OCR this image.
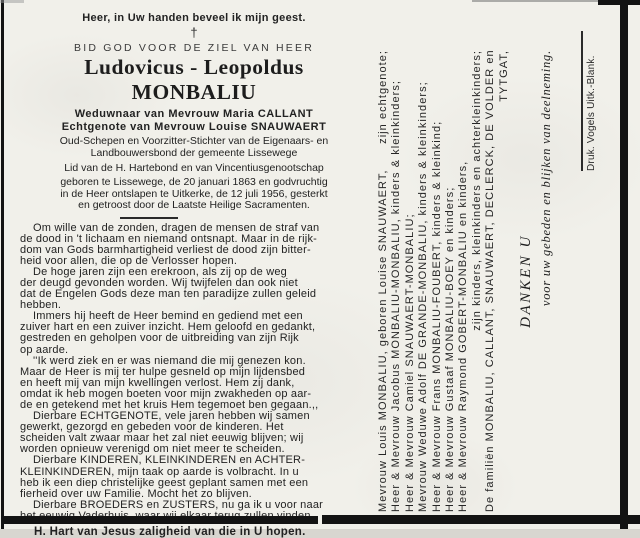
Heer, in Uw handen beveel ik mijn geest.
†
BID GOD VOOR DE ZIEL VAN HEER
Ludovicus - Leopoldus MONBALIU
Weduwnaar van Mevrouw Maria CALLANT
Echtgenote van Mevrouw Louise SNAUWAERT
Oud-Schepen en Voorzitter-Stichter van de Eigenaars- en
Landbouwersbond der gemeente Lissewege
Lid van de H. Hartebond en van Vincentiusgenootschap
geboren te Lissewege, de 20 januari 1863 en godvruchtig
in de Heer ontslapen te Uitkerke, de 12 juli 1956, gesterkt
en getroost door de Laatste Heilige Sacramenten.

Om wille van de zonden, dragen de mensen de straf van
de dood in 't lichaam en niemand ontsnapt. Maar in de rijk-
dom van Gods barmhartigheid verliest de dood zijn bitter-
heid voor allen, die op de Verlosser hopen.

De hoge jaren zijn een erekroon, als zij op de weg
der deugd gevonden worden. Wij twijfelen dan ook niet
dat de Engelen Gods deze man ten paradijze zullen geleid
hebben.

Immers hij heeft de Heer bemind en gediend met een
zuiver hart en een zuiver inzicht. Hem geloofd en gedankt,
gestreden en geholpen voor de uitbreiding van zijn Rijk
op aarde.

''Ik werd ziek en er was niemand die mij genezen kon.
Maar de Heer is mij ter hulpe gesneld op mijn lijdensbed
en heeft mij van mijn kwellingen verlost. Hem zij dank,
omdat ik heb mogen boeten voor mijn zwakheden op aar-
de en getekend met het kruis Hem tegemoet ben gegaan.,,

Dierbare ECHTGENOTE, vele jaren hebben wij samen
gewerkt, gezorgd en gebeden voor de kinderen. Het
scheiden valt zwaar maar het zal niet eeuwig blijven; wij
worden opnieuw verenigd om niet meer te scheiden.

Dierbare KINDEREN, KLEINKINDEREN en ACHTER-
KLEINKINDEREN, mijn taak op aarde is volbracht. In u
heb ik een diep christelijke geest geplant samen met een
fierheid over uw Familie. Mocht het zo blijven.

Dierbare BROEDERS en ZUSTERS, nu ga ik u voor naar

H. Hart van Jesus zaligheid van die in U hopen.
Mevrouw Louis MONBALIU, geboren Louise SNAUWAERT,
zijn echtgenote; Heer & Mevrouw Jacobus MONBALIU-MONBALIU, kinders & kleinkinders; Heer & Mevrouw Camiel SNAUWAERT-MONBALIU; Mevrouw Weduwe Adolf DE GRANDE-MONBALIU, kinders & kleinkinders; Heer & Mevrouw Frans MONBALIU-FOUBERT, kinders & kleinkind; Heer & Mevrouw Gustaaf MONBALIU-BOEY en kinders; Heer & Mevrouw Raymond GOBERT-MONBALIU en kinders, zijn kinders, kleinkinders en achterkleinkinders; De familiën MONBALIU, CALLANT, SNAUWAERT, DECLERCK, DE VOLDER en TYTGAT,
DANKEN U voor uw gebeden en blijken van deelneming.	Druk. Vogels Uitk.-Blank.
